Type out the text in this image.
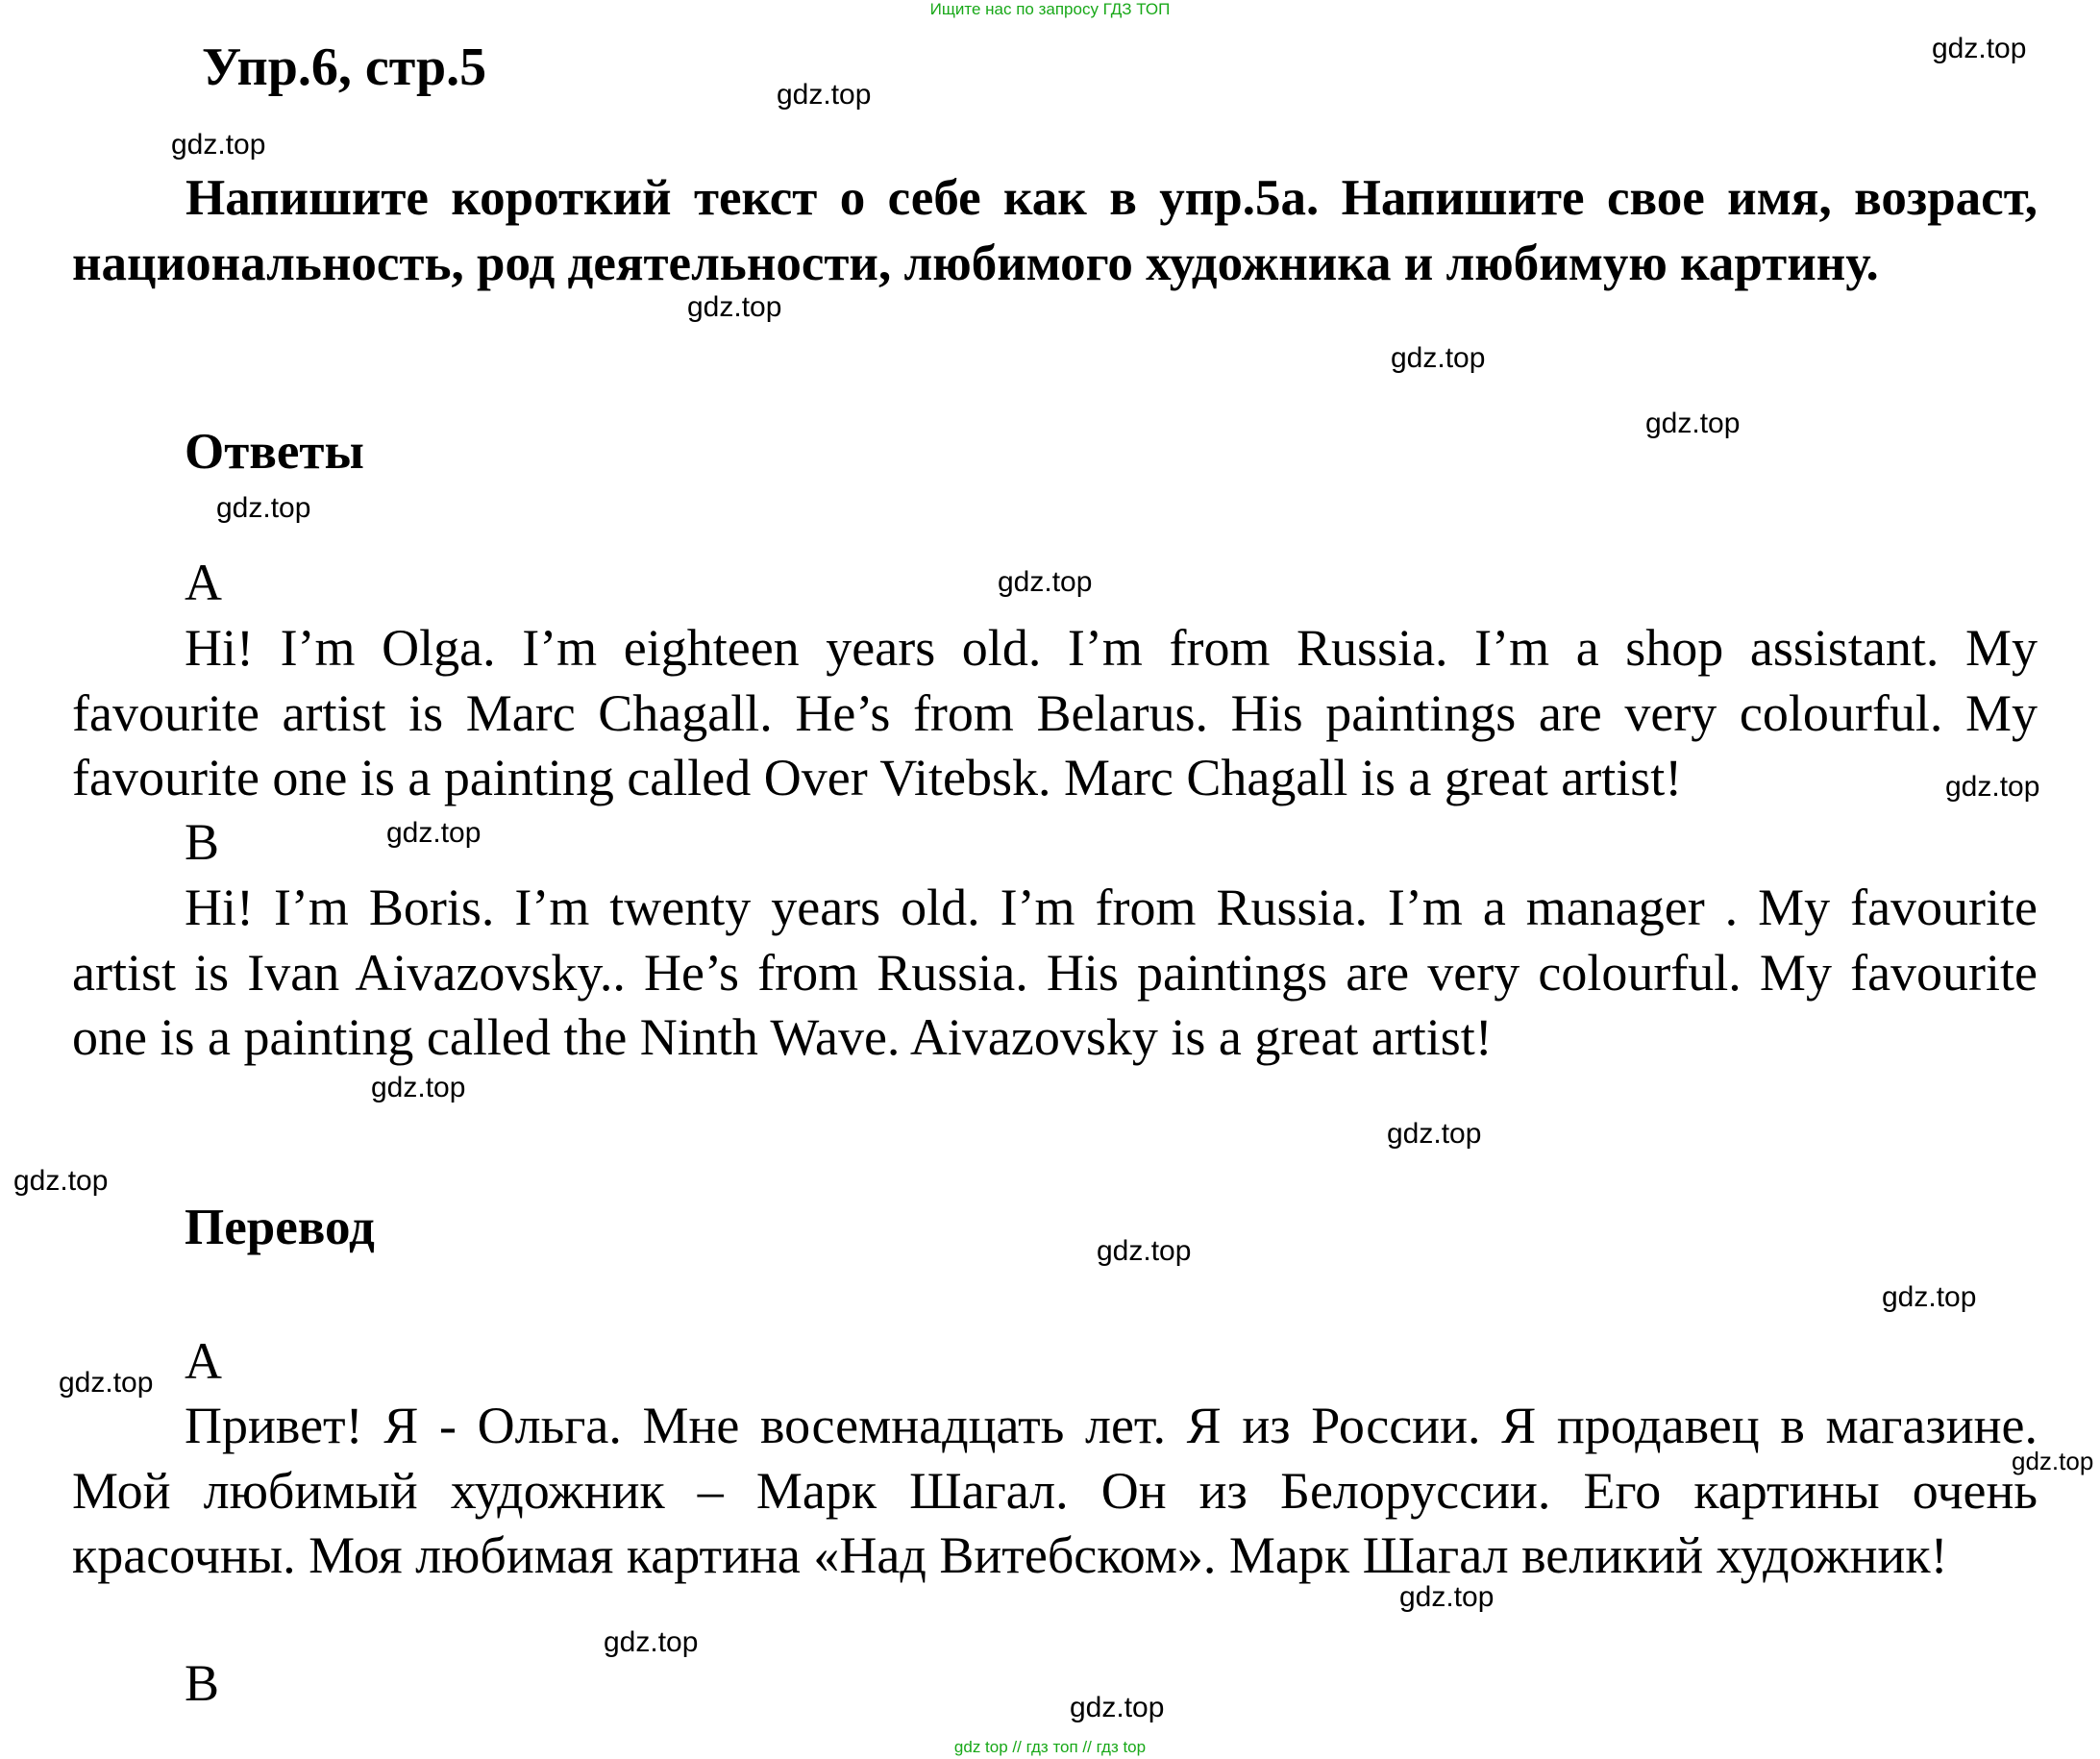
Ищите нас по запросу ГДЗ ТОП
Упр.6, стр.5

Напишите короткий текст о себе как в упр.5а. Напишите свое имя, возраст, национальность, род деятельности, любимого художника и любимую картину.

Ответы
A

Hi! I’m Olga. I’m eighteen years old. I’m from Russia. I’m a shop assistant. My favourite artist is Marc Chagall. He’s from Belarus. His paintings are very colourful. My favourite one is a painting called Over Vitebsk. Marc Chagall is a great artist!

B

Hi! I’m Boris. I’m twenty years old. I’m from Russia. I’m a manager . My favourite artist is Ivan Aivazovsky.. He’s from Russia. His paintings are very colourful. My favourite one is a painting called the Ninth Wave. Aivazovsky is a great artist!

Перевод
A

Привет! Я - Ольга. Мне восемнадцать лет. Я из России. Я продавец в магазине. Мой любимый художник – Марк Шагал. Он из Белоруссии. Его картины очень красочны. Моя любимая картина «Над Витебском». Марк Шагал великий художник!

B
gdz.top
gdz.top
gdz.top
gdz.top
gdz.top
gdz.top
gdz.top
gdz.top
gdz.top
gdz.top
gdz.top
gdz.top
gdz.top
gdz.top
gdz.top
gdz.top
gdz.top
gdz.top
gdz.top
gdz.top
gdz top // гдз топ // гдз top
